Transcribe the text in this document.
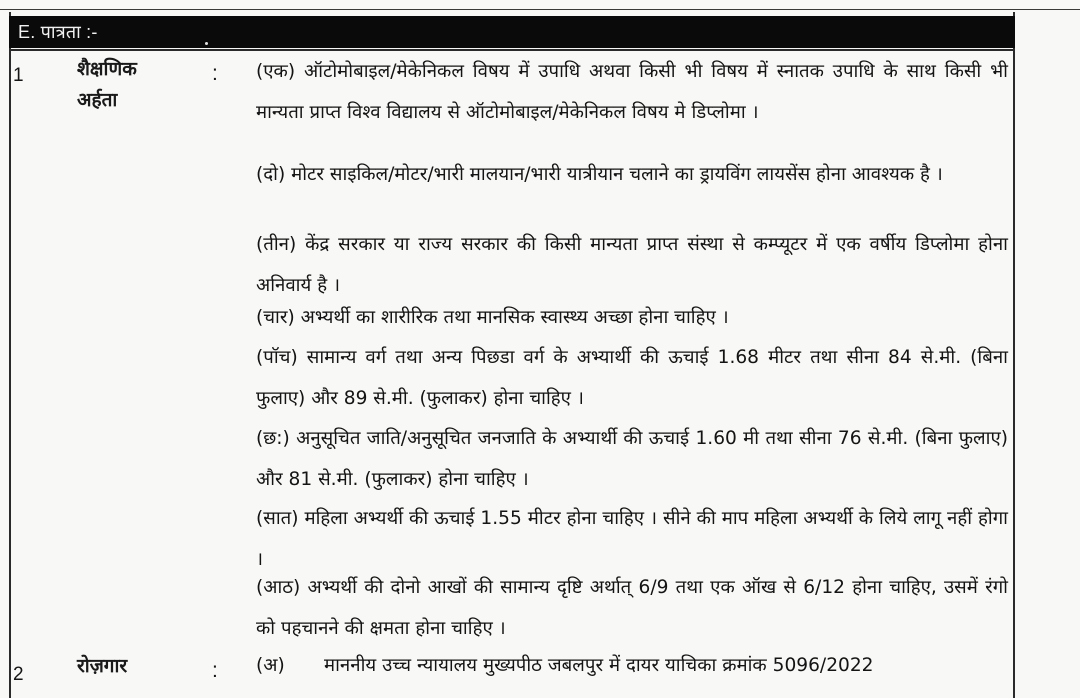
E. पात्रता :-
1	शैक्षणिक
अर्हता
: (एक) ऑटोमोबाइल/मेकेनिकल विषय में उपाधि अथवा किसी भी विषय में स्नातक उपाधि के साथ किसी भी मान्यता प्राप्त विश्व विद्यालय से ऑटोमोबाइल/मेकेनिकल विषय मे डिप्लोमा ।
(दो) मोटर साइकिल/मोटर/भारी मालयान/भारी यात्रीयान चलाने का ड्रायविंग लायसेंस होना आवश्यक है ।
(तीन) केंद्र सरकार या राज्य सरकार की किसी मान्यता प्राप्त संस्था से कम्प्यूटर में एक वर्षीय डिप्लोमा होना अनिवार्य है ।
(चार) अभ्यर्थी का शारीरिक तथा मानसिक स्वास्थ्य अच्छा होना चाहिए ।
(पॉच) सामान्य वर्ग तथा अन्य पिछडा वर्ग के अभ्यार्थी की ऊचाई 1.68 मीटर तथा सीना 84 से.मी. (बिना फुलाए) और 89 से.मी. (फुलाकर) होना चाहिए ।
(छ:) अनुसूचित जाति/अनुसूचित जनजाति के अभ्यार्थी की ऊचाई 1.60 मी तथा सीना 76 से.मी. (बिना फुलाए) और 81 से.मी. (फुलाकर) होना चाहिए ।
(सात) महिला अभ्यर्थी की ऊचाई 1.55 मीटर होना चाहिए । सीने की माप महिला अभ्यर्थी के लिये लागू नहीं होगा ।
(आठ) अभ्यर्थी की दोनो आखों की सामान्य दृष्टि अर्थात् 6/9 तथा एक ऑख से 6/12 होना चाहिए, उसमें रंगो को पहचानने की क्षमता होना चाहिए ।
2	रोज़गार	: (अ) माननीय उच्च न्यायालय मुख्यपीठ जबलपुर में दायर याचिका क्रमांक 5096/2022
